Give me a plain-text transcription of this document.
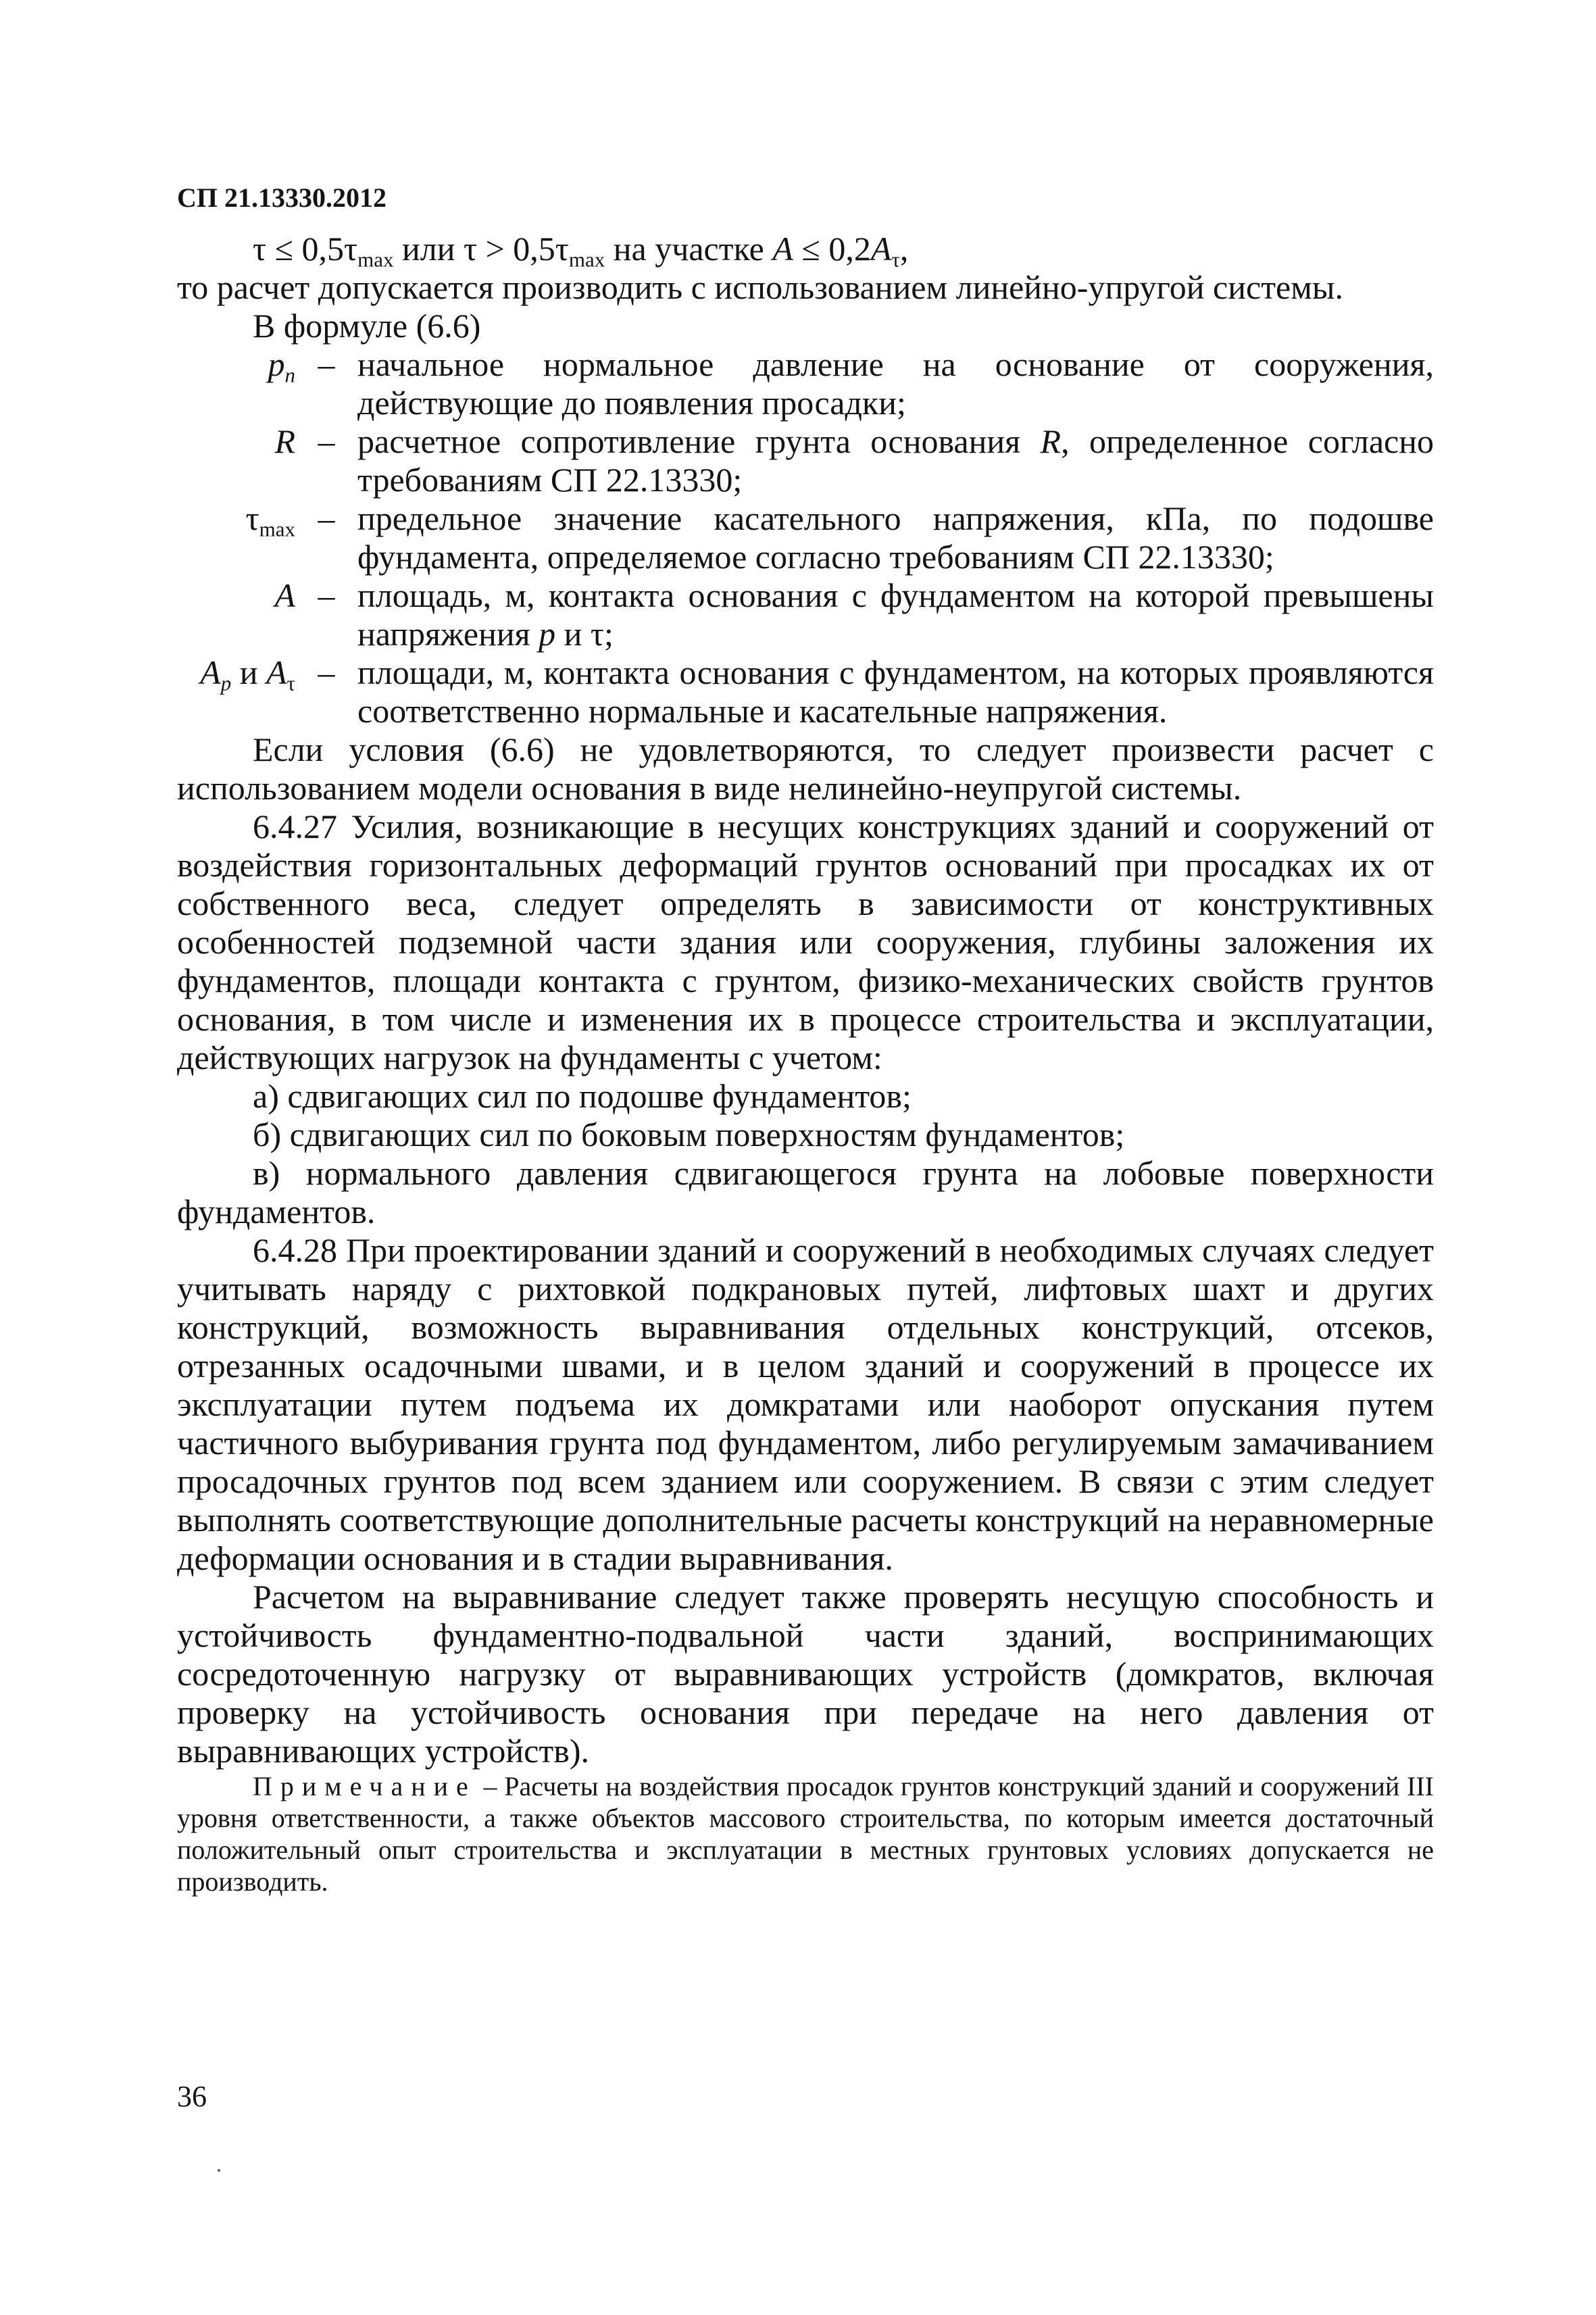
СП 21.13330.2012

$\tau \le 0,5\tau_{max}$ или $\tau > 0,5\tau_{max}$ на участке $A \le 0,2A_\tau$,

то расчет допускается производить с использованием линейно-упругой системы.

В формуле (6.6)

$p_n$ – начальное нормальное давление на основание от сооружения, действующие до появления просадки;
R – расчетное сопротивление грунта основания R, определенное согласно требованиям СП 22.13330;
$\tau_{max}$ – предельное значение касательного напряжения, кПа, по подошве фундамента, определяемое согласно требованиям СП 22.13330;
A – площадь, м, контакта основания с фундаментом на которой превышены напряжения p и τ;
$A_p$ и $A_\tau$ – площади, м, контакта основания с фундаментом, на которых проявляются соответственно нормальные и касательные напряжения.

Если условия (6.6) не удовлетворяются, то следует произвести расчет с использованием модели основания в виде нелинейно-неупругой системы.

6.4.27 Усилия, возникающие в несущих конструкциях зданий и сооружений от воздействия горизонтальных деформаций грунтов оснований при просадках их от собственного веса, следует определять в зависимости от конструктивных особенностей подземной части здания или сооружения, глубины заложения их фундаментов, площади контакта с грунтом, физико-механических свойств грунтов основания, в том числе и изменения их в процессе строительства и эксплуатации, действующих нагрузок на фундаменты с учетом:

а) сдвигающих сил по подошве фундаментов;

б) сдвигающих сил по боковым поверхностям фундаментов;

в) нормального давления сдвигающегося грунта на лобовые поверхности фундаментов.

6.4.28 При проектировании зданий и сооружений в необходимых случаях следует учитывать наряду с рихтовкой подкрановых путей, лифтовых шахт и других конструкций, возможность выравнивания отдельных конструкций, отсеков, отрезанных осадочными швами, и в целом зданий и сооружений в процессе их эксплуатации путем подъема их домкратами или наоборот опускания путем частичного выбуривания грунта под фундаментом, либо регулируемым замачиванием просадочных грунтов под всем зданием или сооружением. В связи с этим следует выполнять соответствующие дополнительные расчеты конструкций на неравномерные деформации основания и в стадии выравнивания.

Расчетом на выравнивание следует также проверять несущую способность и устойчивость фундаментно-подвальной части зданий, воспринимающих сосредоточенную нагрузку от выравнивающих устройств (домкратов, включая проверку на устойчивость основания при передаче на него давления от выравнивающих устройств).

Примечание – Расчеты на воздействия просадок грунтов конструкций зданий и сооружений III уровня ответственности, а также объектов массового строительства, по которым имеется достаточный положительный опыт строительства и эксплуатации в местных грунтовых условиях допускается не производить.

36
